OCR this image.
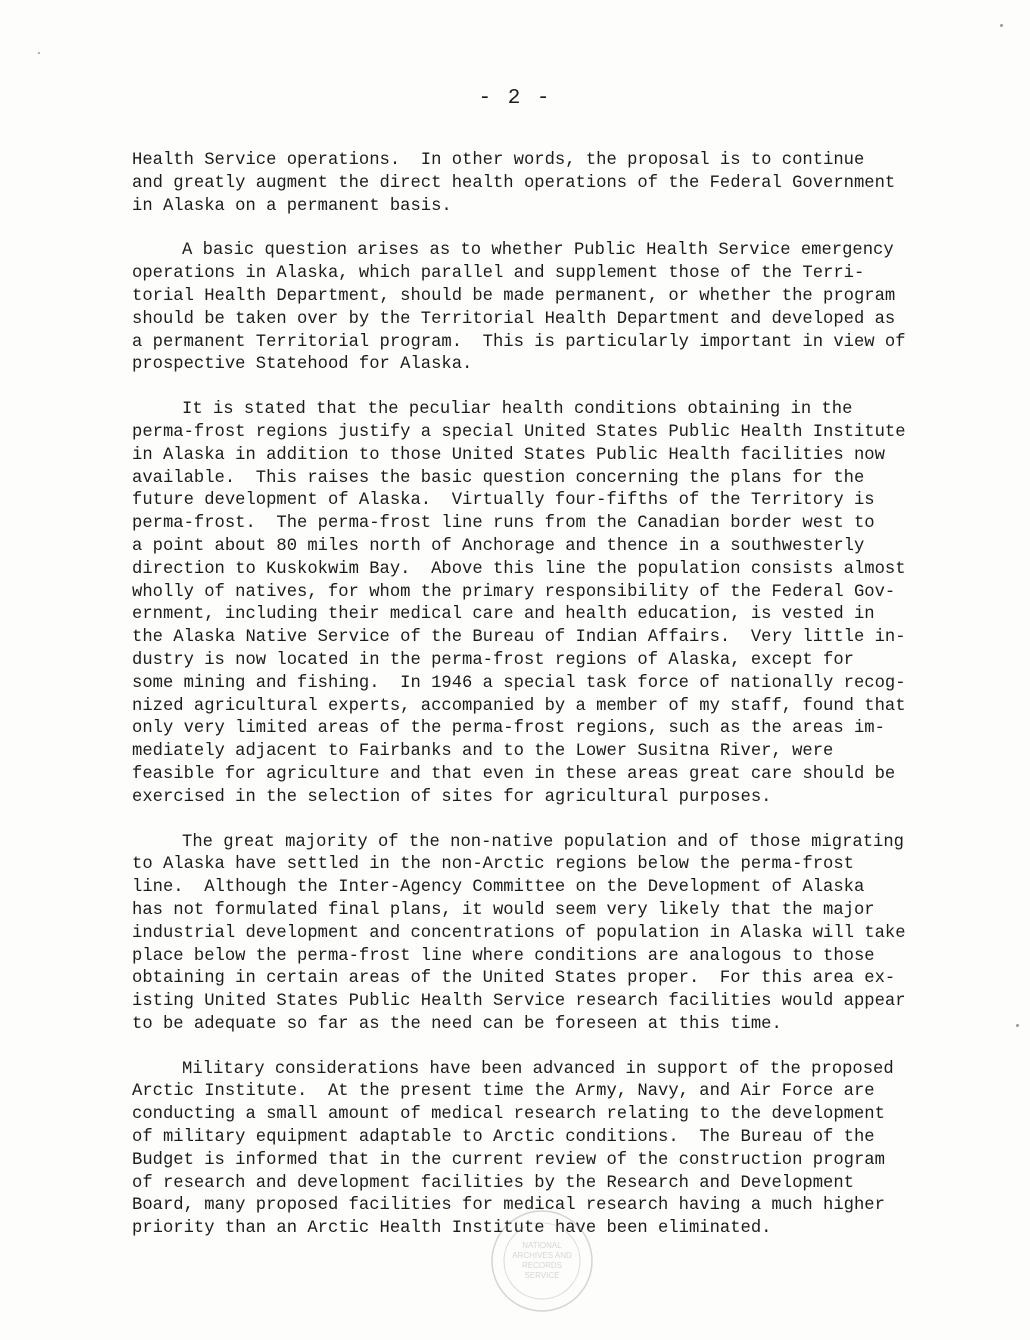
- 2 -
Health Service operations.  In other words, the proposal is to continue
and greatly augment the direct health operations of the Federal Government
in Alaska on a permanent basis.
A basic question arises as to whether Public Health Service emergency
operations in Alaska, which parallel and supplement those of the Terri-
torial Health Department, should be made permanent, or whether the program
should be taken over by the Territorial Health Department and developed as
a permanent Territorial program.  This is particularly important in view of
prospective Statehood for Alaska.
It is stated that the peculiar health conditions obtaining in the
perma-frost regions justify a special United States Public Health Institute
in Alaska in addition to those United States Public Health facilities now
available.  This raises the basic question concerning the plans for the
future development of Alaska.  Virtually four-fifths of the Territory is
perma-frost.  The perma-frost line runs from the Canadian border west to
a point about 80 miles north of Anchorage and thence in a southwesterly
direction to Kuskokwim Bay.  Above this line the population consists almost
wholly of natives, for whom the primary responsibility of the Federal Gov-
ernment, including their medical care and health education, is vested in
the Alaska Native Service of the Bureau of Indian Affairs.  Very little in-
dustry is now located in the perma-frost regions of Alaska, except for
some mining and fishing.  In 1946 a special task force of nationally recog-
nized agricultural experts, accompanied by a member of my staff, found that
only very limited areas of the perma-frost regions, such as the areas im-
mediately adjacent to Fairbanks and to the Lower Susitna River, were
feasible for agriculture and that even in these areas great care should be
exercised in the selection of sites for agricultural purposes.
The great majority of the non-native population and of those migrating
to Alaska have settled in the non-Arctic regions below the perma-frost
line.  Although the Inter-Agency Committee on the Development of Alaska
has not formulated final plans, it would seem very likely that the major
industrial development and concentrations of population in Alaska will take
place below the perma-frost line where conditions are analogous to those
obtaining in certain areas of the United States proper.  For this area ex-
isting United States Public Health Service research facilities would appear
to be adequate so far as the need can be foreseen at this time.
Military considerations have been advanced in support of the proposed
Arctic Institute.  At the present time the Army, Navy, and Air Force are
conducting a small amount of medical research relating to the development
of military equipment adaptable to Arctic conditions.  The Bureau of the
Budget is informed that in the current review of the construction program
of research and development facilities by the Research and Development
Board, many proposed facilities for medical research having a much higher
priority than an Arctic Health Institute have been eliminated.
NATIONAL
ARCHIVES AND
RECORDS
SERVICE
